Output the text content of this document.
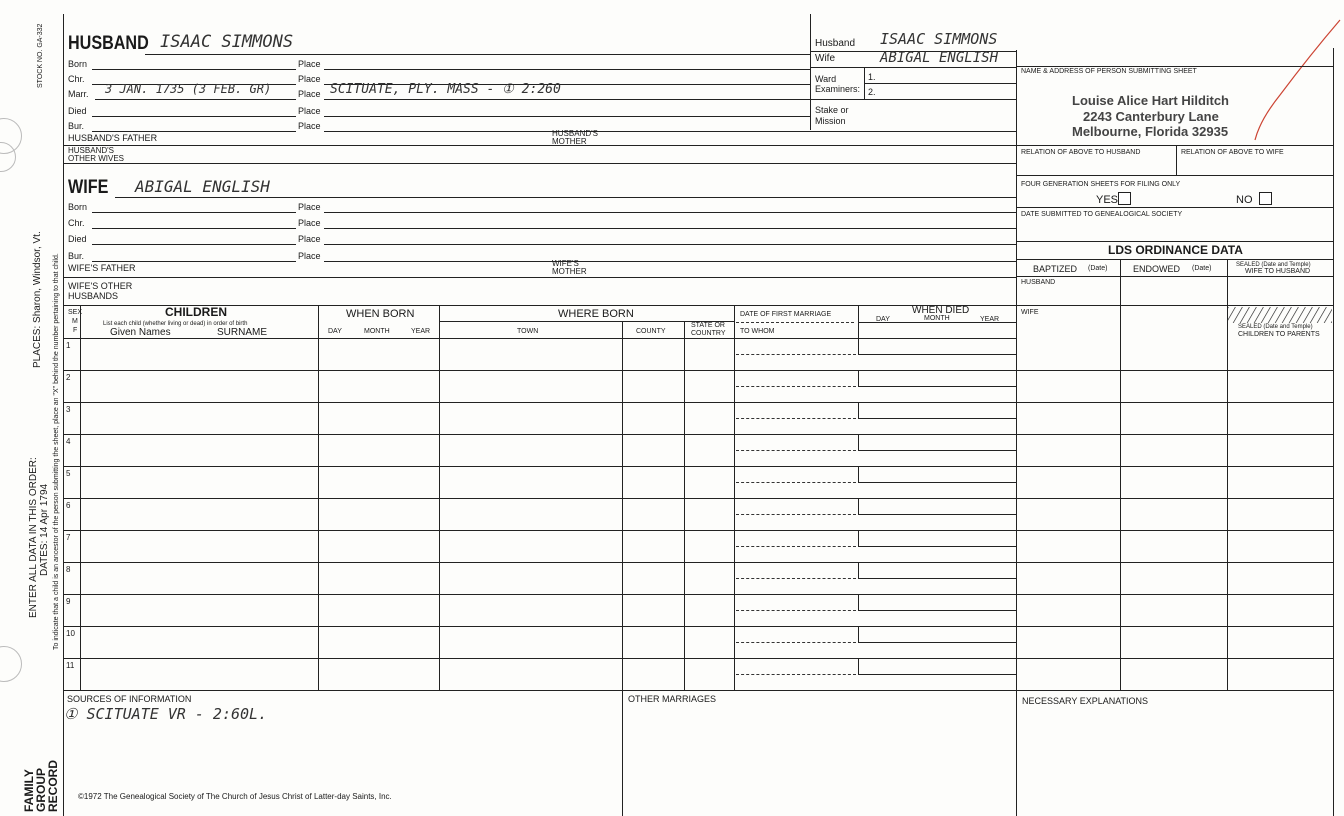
STOCK NO. GA-332
PLACES: Sharon, Windsor, Vt. To indicate that a child is an ancestor of the person submitting the sheet, place an "X" behind the number pertaining to that child.
ENTER ALL DATA IN THIS ORDER: DATES: 14 Apr 1794
FAMILY
GROUP
RECORD
HUSBAND ISAAC SIMMONS
Born	Place
Chr.	Place
Marr. 3 JAN. 1735 (3 FEB. GR)	Place SCITUATE, PLY. MASS - ① 2:260
Died	Place
Bur.	Place
HUSBAND'S FATHER	HUSBAND'S
MOTHER
HUSBAND'S
OTHER WIVES
WIFE ABIGAL ENGLISH
Born	Place
Chr.	Place
Died	Place
Bur.	Place
WIFE'S FATHER	WIFE'S
MOTHER
WIFE'S OTHER
HUSBANDS
Husband ISAAC SIMMONS
Wife	ABIGAL ENGLISH
Ward
Examiners:
1.
2.
Stake or
Mission
NAME & ADDRESS OF PERSON SUBMITTING SHEET
Louise Alice Hart Hilditch
2243 Canterbury Lane
Melbourne, Florida 32935
RELATION OF ABOVE TO HUSBAND	RELATION OF ABOVE TO WIFE
FOUR GENERATION SHEETS FOR FILING ONLY
YES	NO
DATE SUBMITTED TO GENEALOGICAL SOCIETY
LDS ORDINANCE DATA
BAPTIZED (Date)	ENDOWED (Date)	SEALED (Date and Temple)
WIFE TO HUSBAND
HUSBAND
WIFE
SEALED (Date and Temple)
CHILDREN TO PARENTS
SEX
M
F
CHILDREN
List each child (whether living or dead) in order of birth
Given Names	SURNAME
WHEN BORN
DAY	MONTH	YEAR
WHERE BORN
TOWN	COUNTY
STATE OR
COUNTRY
DATE OF FIRST MARRIAGE
TO WHOM
WHEN DIED
DAY	MONTH	YEAR
1
2
3
4
5
6
7
8
9
10
11
SOURCES OF INFORMATION
① SCITUATE VR - 2:60L.
OTHER MARRIAGES	NECESSARY EXPLANATIONS
©1972 The Genealogical Society of The Church of Jesus Christ of Latter-day Saints, Inc.
